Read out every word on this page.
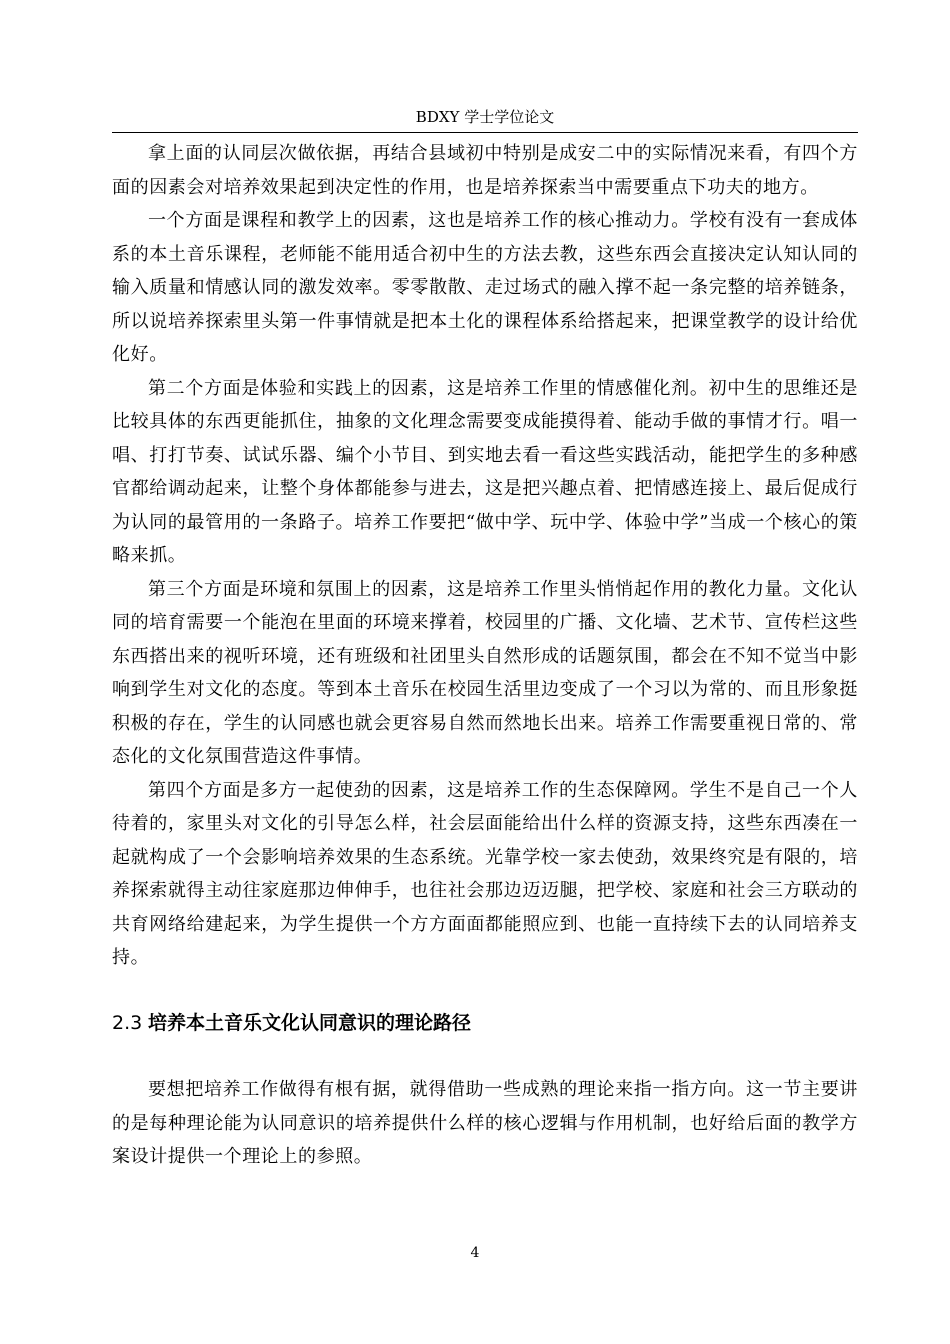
BDXY 学士学位论文

拿上面的认同层次做依据，再结合县域初中特别是成安二中的实际情况来看，有四个方面的因素会对培养效果起到决定性的作用，也是培养探索当中需要重点下功夫的地方。

一个方面是课程和教学上的因素，这也是培养工作的核心推动力。学校有没有一套成体系的本土音乐课程，老师能不能用适合初中生的方法去教，这些东西会直接决定认知认同的输入质量和情感认同的激发效率。零零散散、走过场式的融入撑不起一条完整的培养链条，所以说培养探索里头第一件事情就是把本土化的课程体系给搭起来，把课堂教学的设计给优化好。

第二个方面是体验和实践上的因素，这是培养工作里的情感催化剂。初中生的思维还是比较具体的东西更能抓住，抽象的文化理念需要变成能摸得着、能动手做的事情才行。唱一唱、打打节奏、试试乐器、编个小节目、到实地去看一看这些实践活动，能把学生的多种感官都给调动起来，让整个身体都能参与进去，这是把兴趣点着、把情感连接上、最后促成行为认同的最管用的一条路子。培养工作要把“做中学、玩中学、体验中学”当成一个核心的策略来抓。

第三个方面是环境和氛围上的因素，这是培养工作里头悄悄起作用的教化力量。文化认同的培育需要一个能泡在里面的环境来撑着，校园里的广播、文化墙、艺术节、宣传栏这些东西搭出来的视听环境，还有班级和社团里头自然形成的话题氛围，都会在不知不觉当中影响到学生对文化的态度。等到本土音乐在校园生活里边变成了一个习以为常的、而且形象挺积极的存在，学生的认同感也就会更容易自然而然地长出来。培养工作需要重视日常的、常态化的文化氛围营造这件事情。

第四个方面是多方一起使劲的因素，这是培养工作的生态保障网。学生不是自己一个人待着的，家里头对文化的引导怎么样，社会层面能给出什么样的资源支持，这些东西凑在一起就构成了一个会影响培养效果的生态系统。光靠学校一家去使劲，效果终究是有限的，培养探索就得主动往家庭那边伸伸手，也往社会那边迈迈腿，把学校、家庭和社会三方联动的共育网络给建起来，为学生提供一个方方面面都能照应到、也能一直持续下去的认同培养支持。

2.3 培养本土音乐文化认同意识的理论路径

要想把培养工作做得有根有据，就得借助一些成熟的理论来指一指方向。这一节主要讲的是每种理论能为认同意识的培养提供什么样的核心逻辑与作用机制，也好给后面的教学方案设计提供一个理论上的参照。

4
